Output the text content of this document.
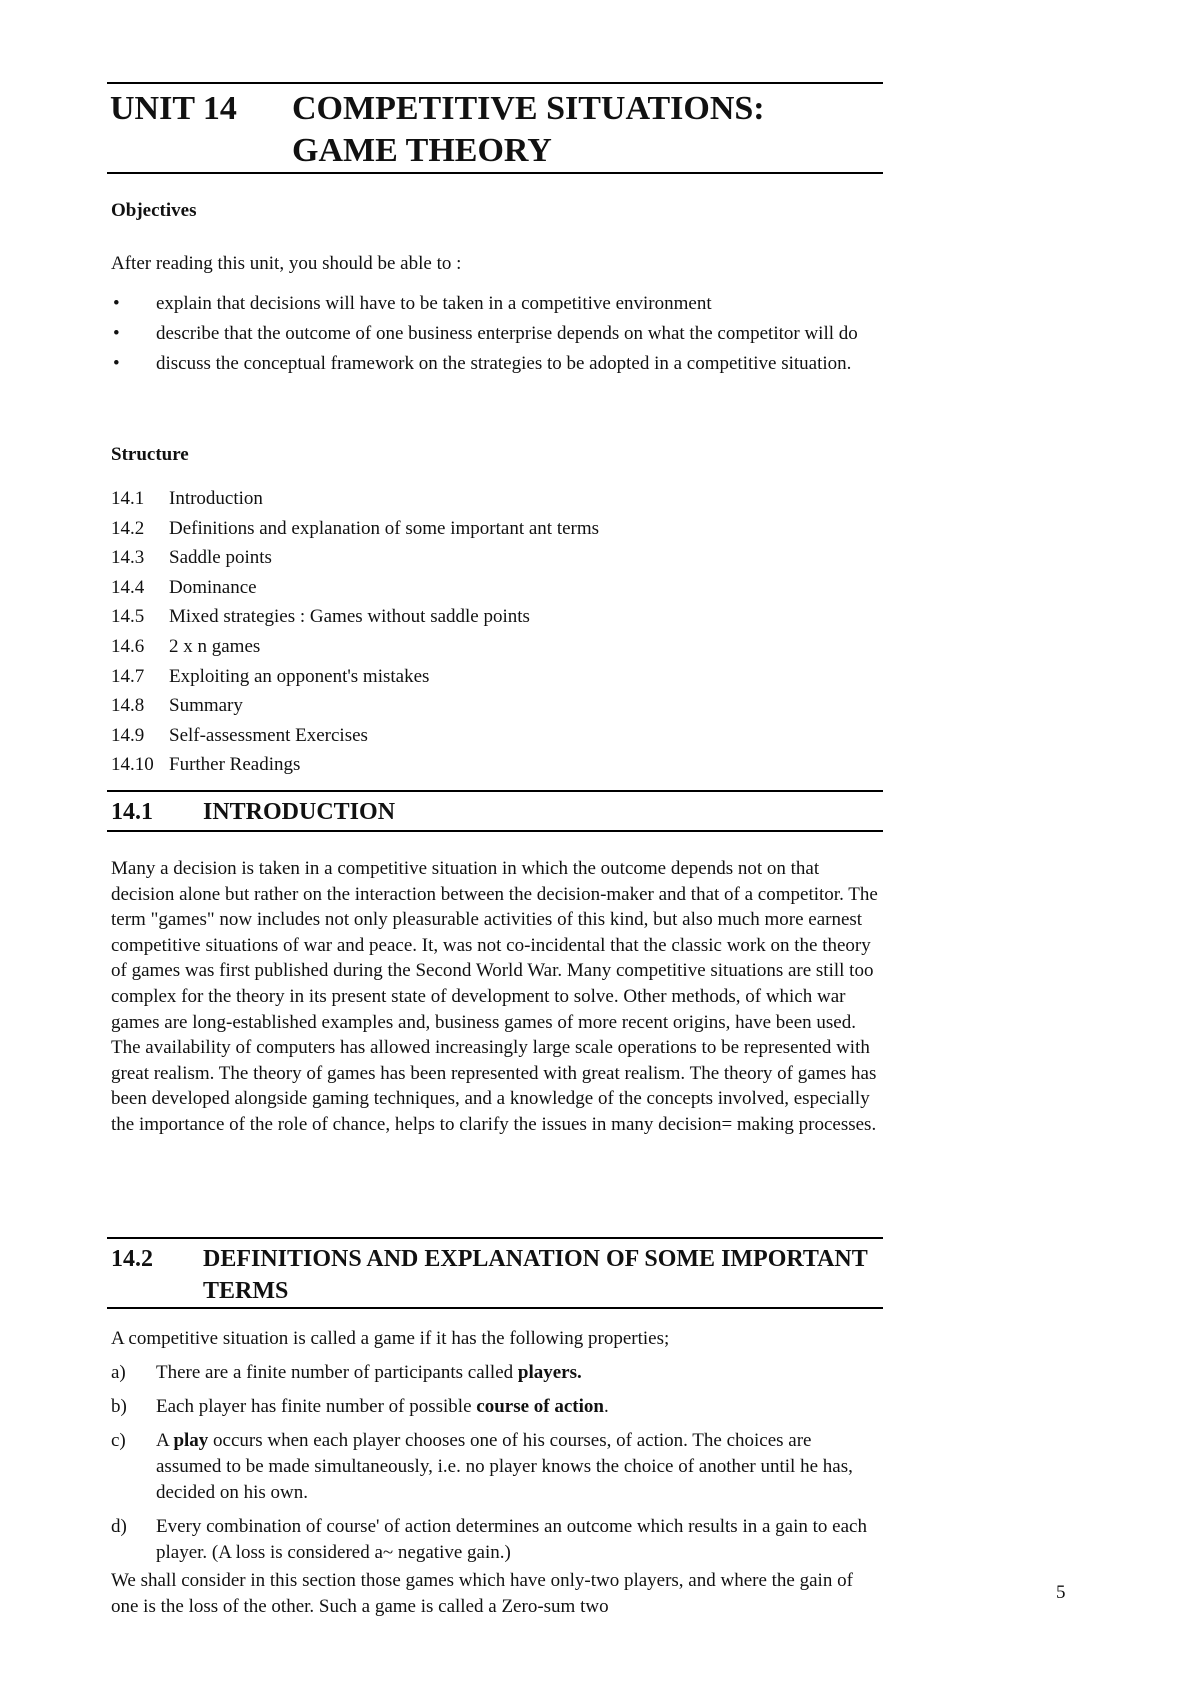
UNIT 14 COMPETITIVE SITUATIONS:
GAME THEORY
Objectives
After reading this unit, you should be able to :
• explain that decisions will have to be taken in a competitive environment
• describe that the outcome of one business enterprise depends on what the competitor will do
• discuss the conceptual framework on the strategies to be adopted in a competitive situation.
Structure
14.1 Introduction
14.2 Definitions and explanation of some important ant terms
14.3 Saddle points
14.4 Dominance
14.5 Mixed strategies : Games without saddle points
14.6 2 x n games
14.7 Exploiting an opponent's mistakes
14.8 Summary
14.9 Self-assessment Exercises
14.10 Further Readings
14.1 INTRODUCTION
Many a decision is taken in a competitive situation in which the outcome depends not on that decision alone but rather on the interaction between the decision-maker and that of a competitor. The term "games" now includes not only pleasurable activities of this kind, but also much more earnest competitive situations of war and peace. It, was not co-incidental that the classic work on the theory of games was first published during the Second World War. Many competitive situations are still too complex for the theory in its present state of development to solve. Other methods, of which war games are long-established examples and, business games of more recent origins, have been used. The availability of computers has allowed increasingly large scale operations to be represented with great realism. The theory of games has been represented with great realism. The theory of games has been developed alongside gaming techniques, and a knowledge of the concepts involved, especially the importance of the role of chance, helps to clarify the issues in many decision= making processes.
14.2 DEFINITIONS AND EXPLANATION OF SOME IMPORTANT TERMS
A competitive situation is called a game if it has the following properties;
a) There are a finite number of participants called players.
b) Each player has finite number of possible course of action.
c) A play occurs when each player chooses one of his courses, of action. The choices are assumed to be made simultaneously, i.e. no player knows the choice of another until he has, decided on his own.
d) Every combination of course' of action determines an outcome which results in a gain to each player. (A loss is considered a~ negative gain.)
We shall consider in this section those games which have only-two players, and where the gain of one is the loss of the other. Such a game is called a Zero-sum two
5
